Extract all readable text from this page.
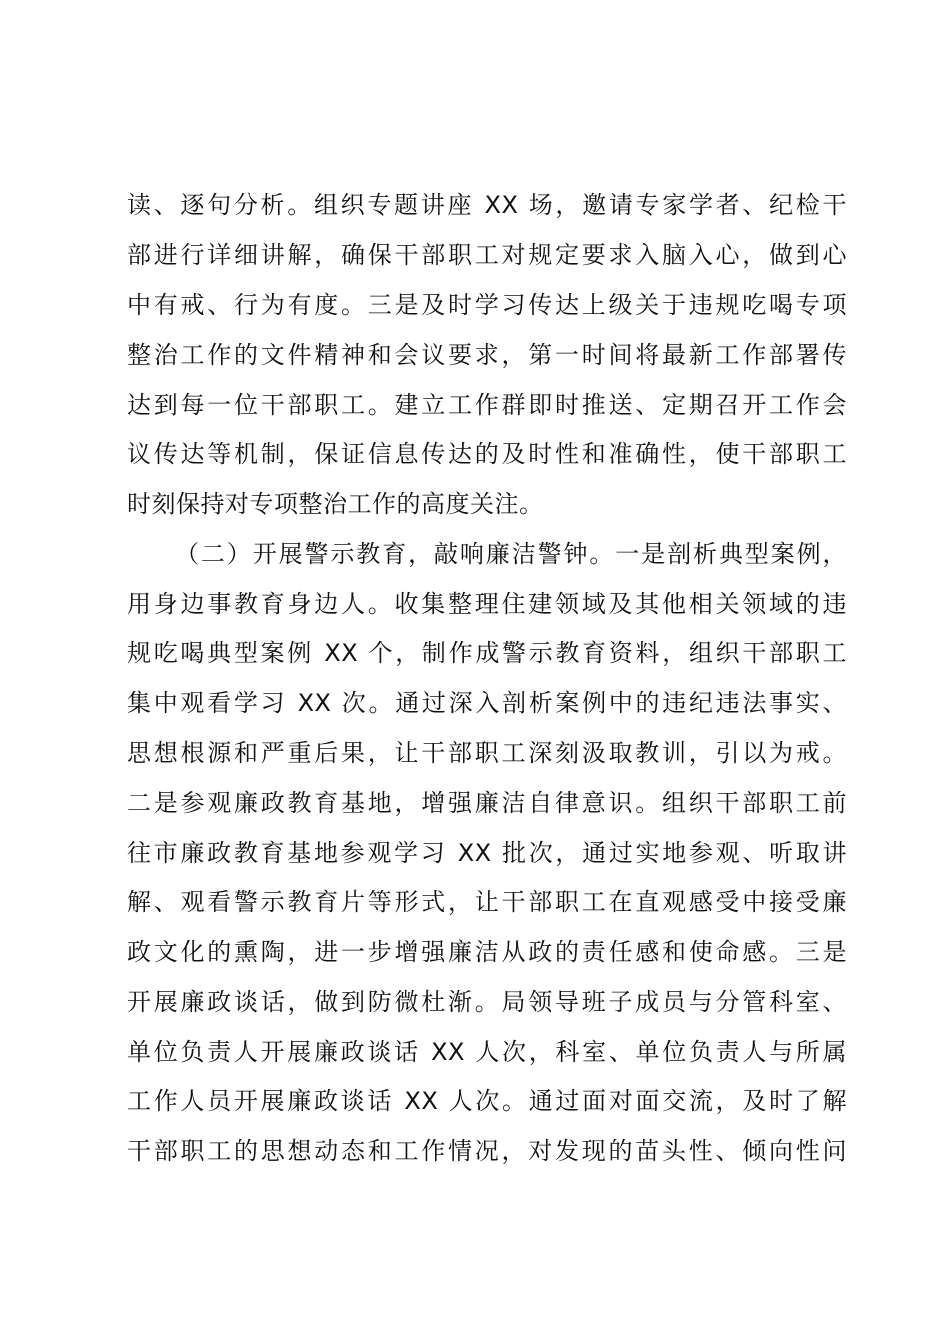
读、逐句分析。组织专题讲座 XX 场，邀请专家学者、纪检干
部进行详细讲解，确保干部职工对规定要求入脑入心，做到心
中有戒、行为有度。三是及时学习传达上级关于违规吃喝专项
整治工作的文件精神和会议要求，第一时间将最新工作部署传
达到每一位干部职工。建立工作群即时推送、定期召开工作会
议传达等机制，保证信息传达的及时性和准确性，使干部职工
时刻保持对专项整治工作的高度关注。
（二）开展警示教育，敲响廉洁警钟。一是剖析典型案例，
用身边事教育身边人。收集整理住建领域及其他相关领域的违
规吃喝典型案例 XX 个，制作成警示教育资料，组织干部职工
集中观看学习 XX 次。通过深入剖析案例中的违纪违法事实、
思想根源和严重后果，让干部职工深刻汲取教训，引以为戒。
二是参观廉政教育基地，增强廉洁自律意识。组织干部职工前
往市廉政教育基地参观学习 XX 批次，通过实地参观、听取讲
解、观看警示教育片等形式，让干部职工在直观感受中接受廉
政文化的熏陶，进一步增强廉洁从政的责任感和使命感。三是
开展廉政谈话，做到防微杜渐。局领导班子成员与分管科室、
单位负责人开展廉政谈话 XX 人次，科室、单位负责人与所属
工作人员开展廉政谈话 XX 人次。通过面对面交流，及时了解
干部职工的思想动态和工作情况，对发现的苗头性、倾向性问
